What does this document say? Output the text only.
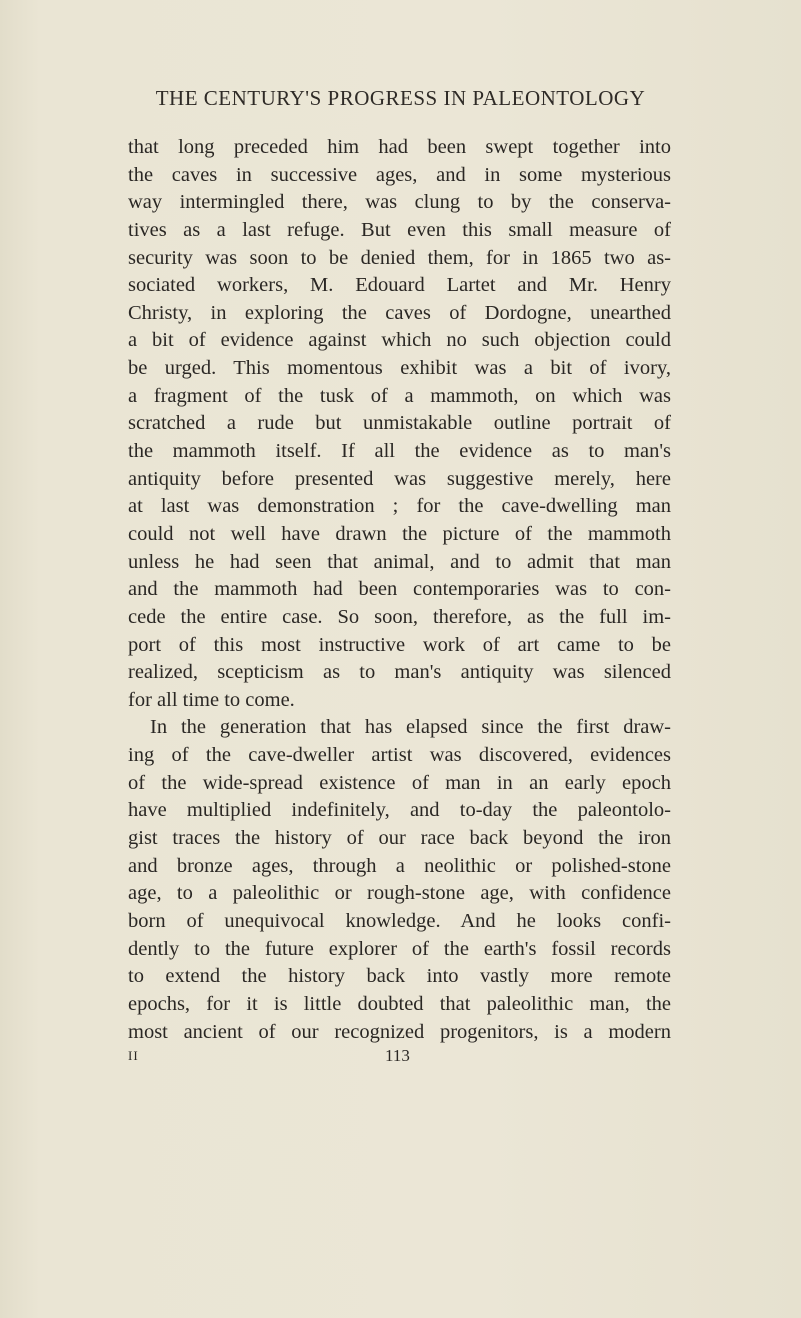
THE CENTURY'S PROGRESS IN PALEONTOLOGY
that long preceded him had been swept together into
the caves in successive ages, and in some mysterious
way intermingled there, was clung to by the conserva-
tives as a last refuge. But even this small measure of
security was soon to be denied them, for in 1865 two as-
sociated workers, M. Edouard Lartet and Mr. Henry
Christy, in exploring the caves of Dordogne, unearthed
a bit of evidence against which no such objection could
be urged. This momentous exhibit was a bit of ivory,
a fragment of the tusk of a mammoth, on which was
scratched a rude but unmistakable outline portrait of
the mammoth itself. If all the evidence as to man's
antiquity before presented was suggestive merely, here
at last was demonstration ; for the cave-dwelling man
could not well have drawn the picture of the mammoth
unless he had seen that animal, and to admit that man
and the mammoth had been contemporaries was to con-
cede the entire case. So soon, therefore, as the full im-
port of this most instructive work of art came to be
realized, scepticism as to man's antiquity was silenced
for all time to come.
In the generation that has elapsed since the first draw-
ing of the cave-dweller artist was discovered, evidences
of the wide-spread existence of man in an early epoch
have multiplied indefinitely, and to-day the paleontolo-
gist traces the history of our race back beyond the iron
and bronze ages, through a neolithic or polished-stone
age, to a paleolithic or rough-stone age, with confidence
born of unequivocal knowledge. And he looks confi-
dently to the future explorer of the earth's fossil records
to extend the history back into vastly more remote
epochs, for it is little doubted that paleolithic man, the
most ancient of our recognized progenitors, is a modern
II	113
